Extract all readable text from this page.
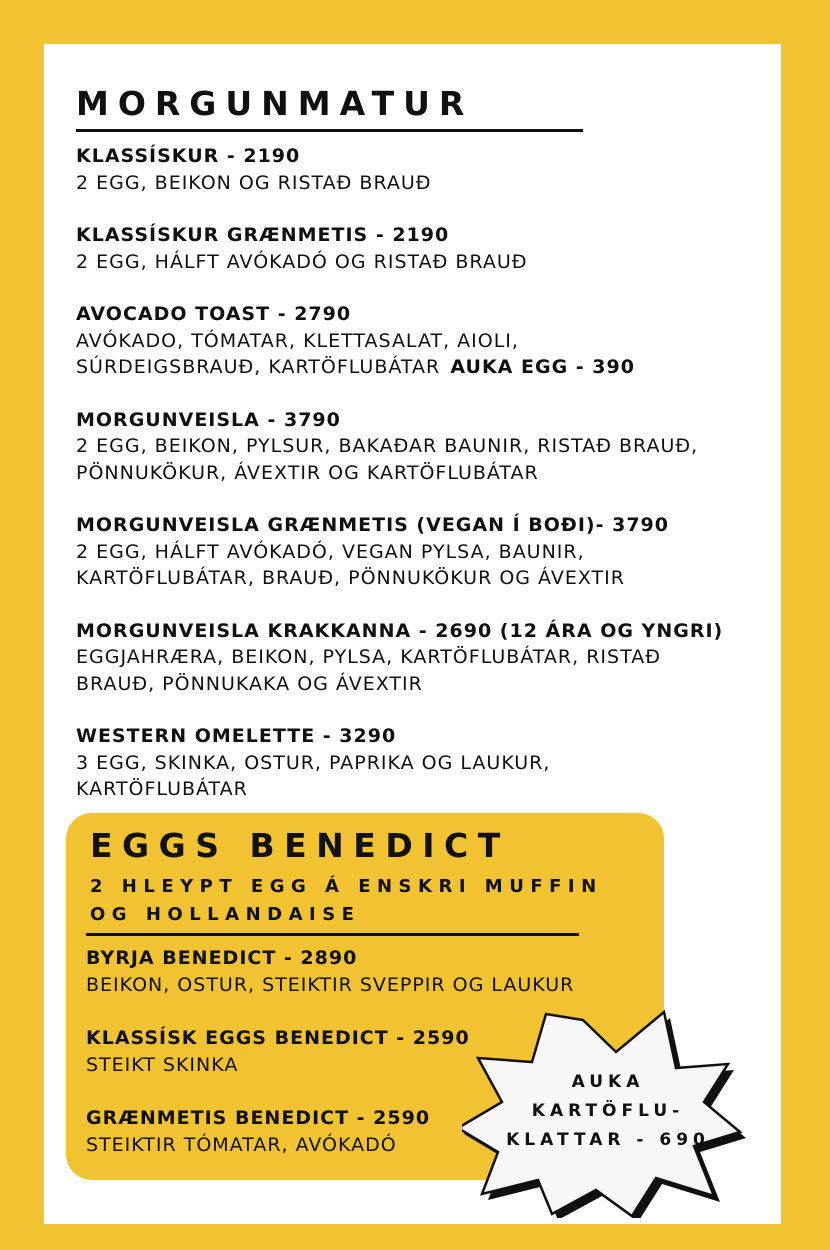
MORGUNMATUR
KLASSÍSKUR - 2190
2 EGG, BEIKON OG RISTAÐ BRAUÐ
KLASSÍSKUR GRÆNMETIS - 2190
2 EGG, HÁLFT AVÓKADÓ OG RISTAÐ BRAUÐ
AVOCADO TOAST - 2790
AVÓKADO, TÓMATAR, KLETTASALAT, AIOLI,
SÚRDEIGSBRAUÐ, KARTÖFLUBÁTAR AUKA EGG - 390
MORGUNVEISLA - 3790
2 EGG, BEIKON, PYLSUR, BAKAÐAR BAUNIR, RISTAÐ BRAUÐ,
PÖNNUKÖKUR, ÁVEXTIR OG KARTÖFLUBÁTAR
MORGUNVEISLA GRÆNMETIS (VEGAN Í BOÐI)- 3790
2 EGG, HÁLFT AVÓKADÓ, VEGAN PYLSA, BAUNIR,
KARTÖFLUBÁTAR, BRAUÐ, PÖNNUKÖKUR OG ÁVEXTIR
MORGUNVEISLA KRAKKANNA - 2690 (12 ÁRA OG YNGRI)
EGGJAHRÆRA, BEIKON, PYLSA, KARTÖFLUBÁTAR, RISTAÐ
BRAUÐ, PÖNNUKAKA OG ÁVEXTIR
WESTERN OMELETTE - 3290
3 EGG, SKINKA, OSTUR, PAPRIKA OG LAUKUR,
KARTÖFLUBÁTAR
EGGS BENEDICT
2 HLEYPT EGG Á ENSKRI MUFFIN
OG HOLLANDAISE
BYRJA BENEDICT - 2890
BEIKON, OSTUR, STEIKTIR SVEPPIR OG LAUKUR
KLASSÍSK EGGS BENEDICT - 2590
STEIKT SKINKA
GRÆNMETIS BENEDICT - 2590
STEIKTIR TÓMATAR, AVÓKADÓ
AUKA
KARTÖFLU-
KLATTAR - 690
